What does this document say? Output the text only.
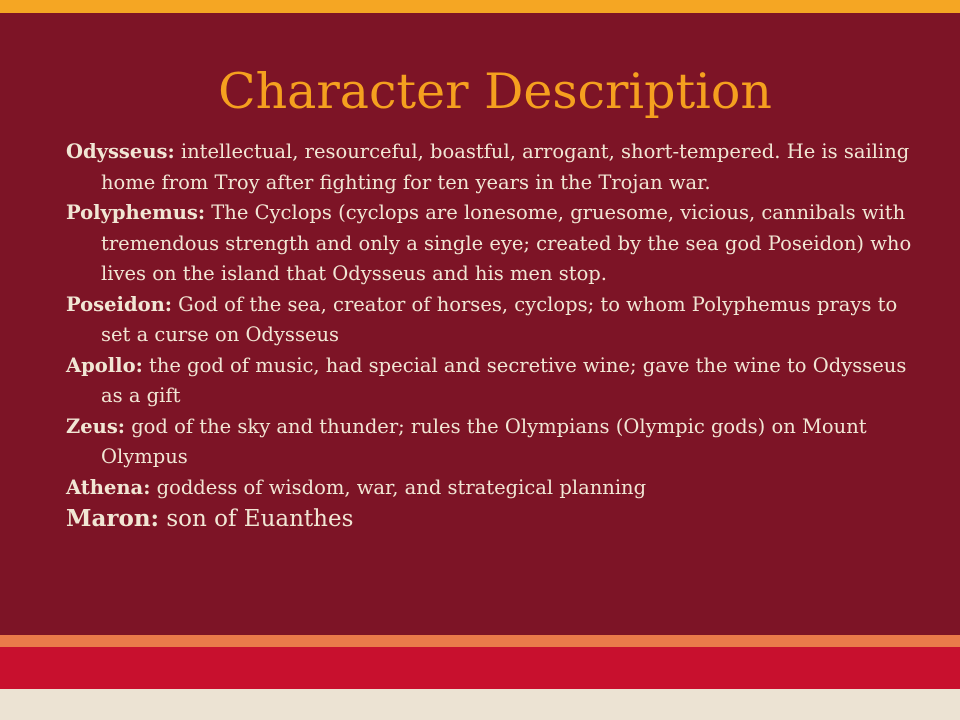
Character Description

Odysseus: intellectual, resourceful, boastful, arrogant, short-tempered. He is sailing home from Troy after fighting for ten years in the Trojan war.

Polyphemus: The Cyclops (cyclops are lonesome, gruesome, vicious, cannibals with tremendous strength and only a single eye; created by the sea god Poseidon) who lives on the island that Odysseus and his men stop.

Poseidon: God of the sea, creator of horses, cyclops; to whom Polyphemus prays to set a curse on Odysseus

Apollo: the god of music, had special and secretive wine; gave the wine to Odysseus as a gift

Zeus: god of the sky and thunder; rules the Olympians (Olympic gods) on Mount Olympus

Athena: goddess of wisdom, war, and strategical planning

Maron: son of Euanthes
